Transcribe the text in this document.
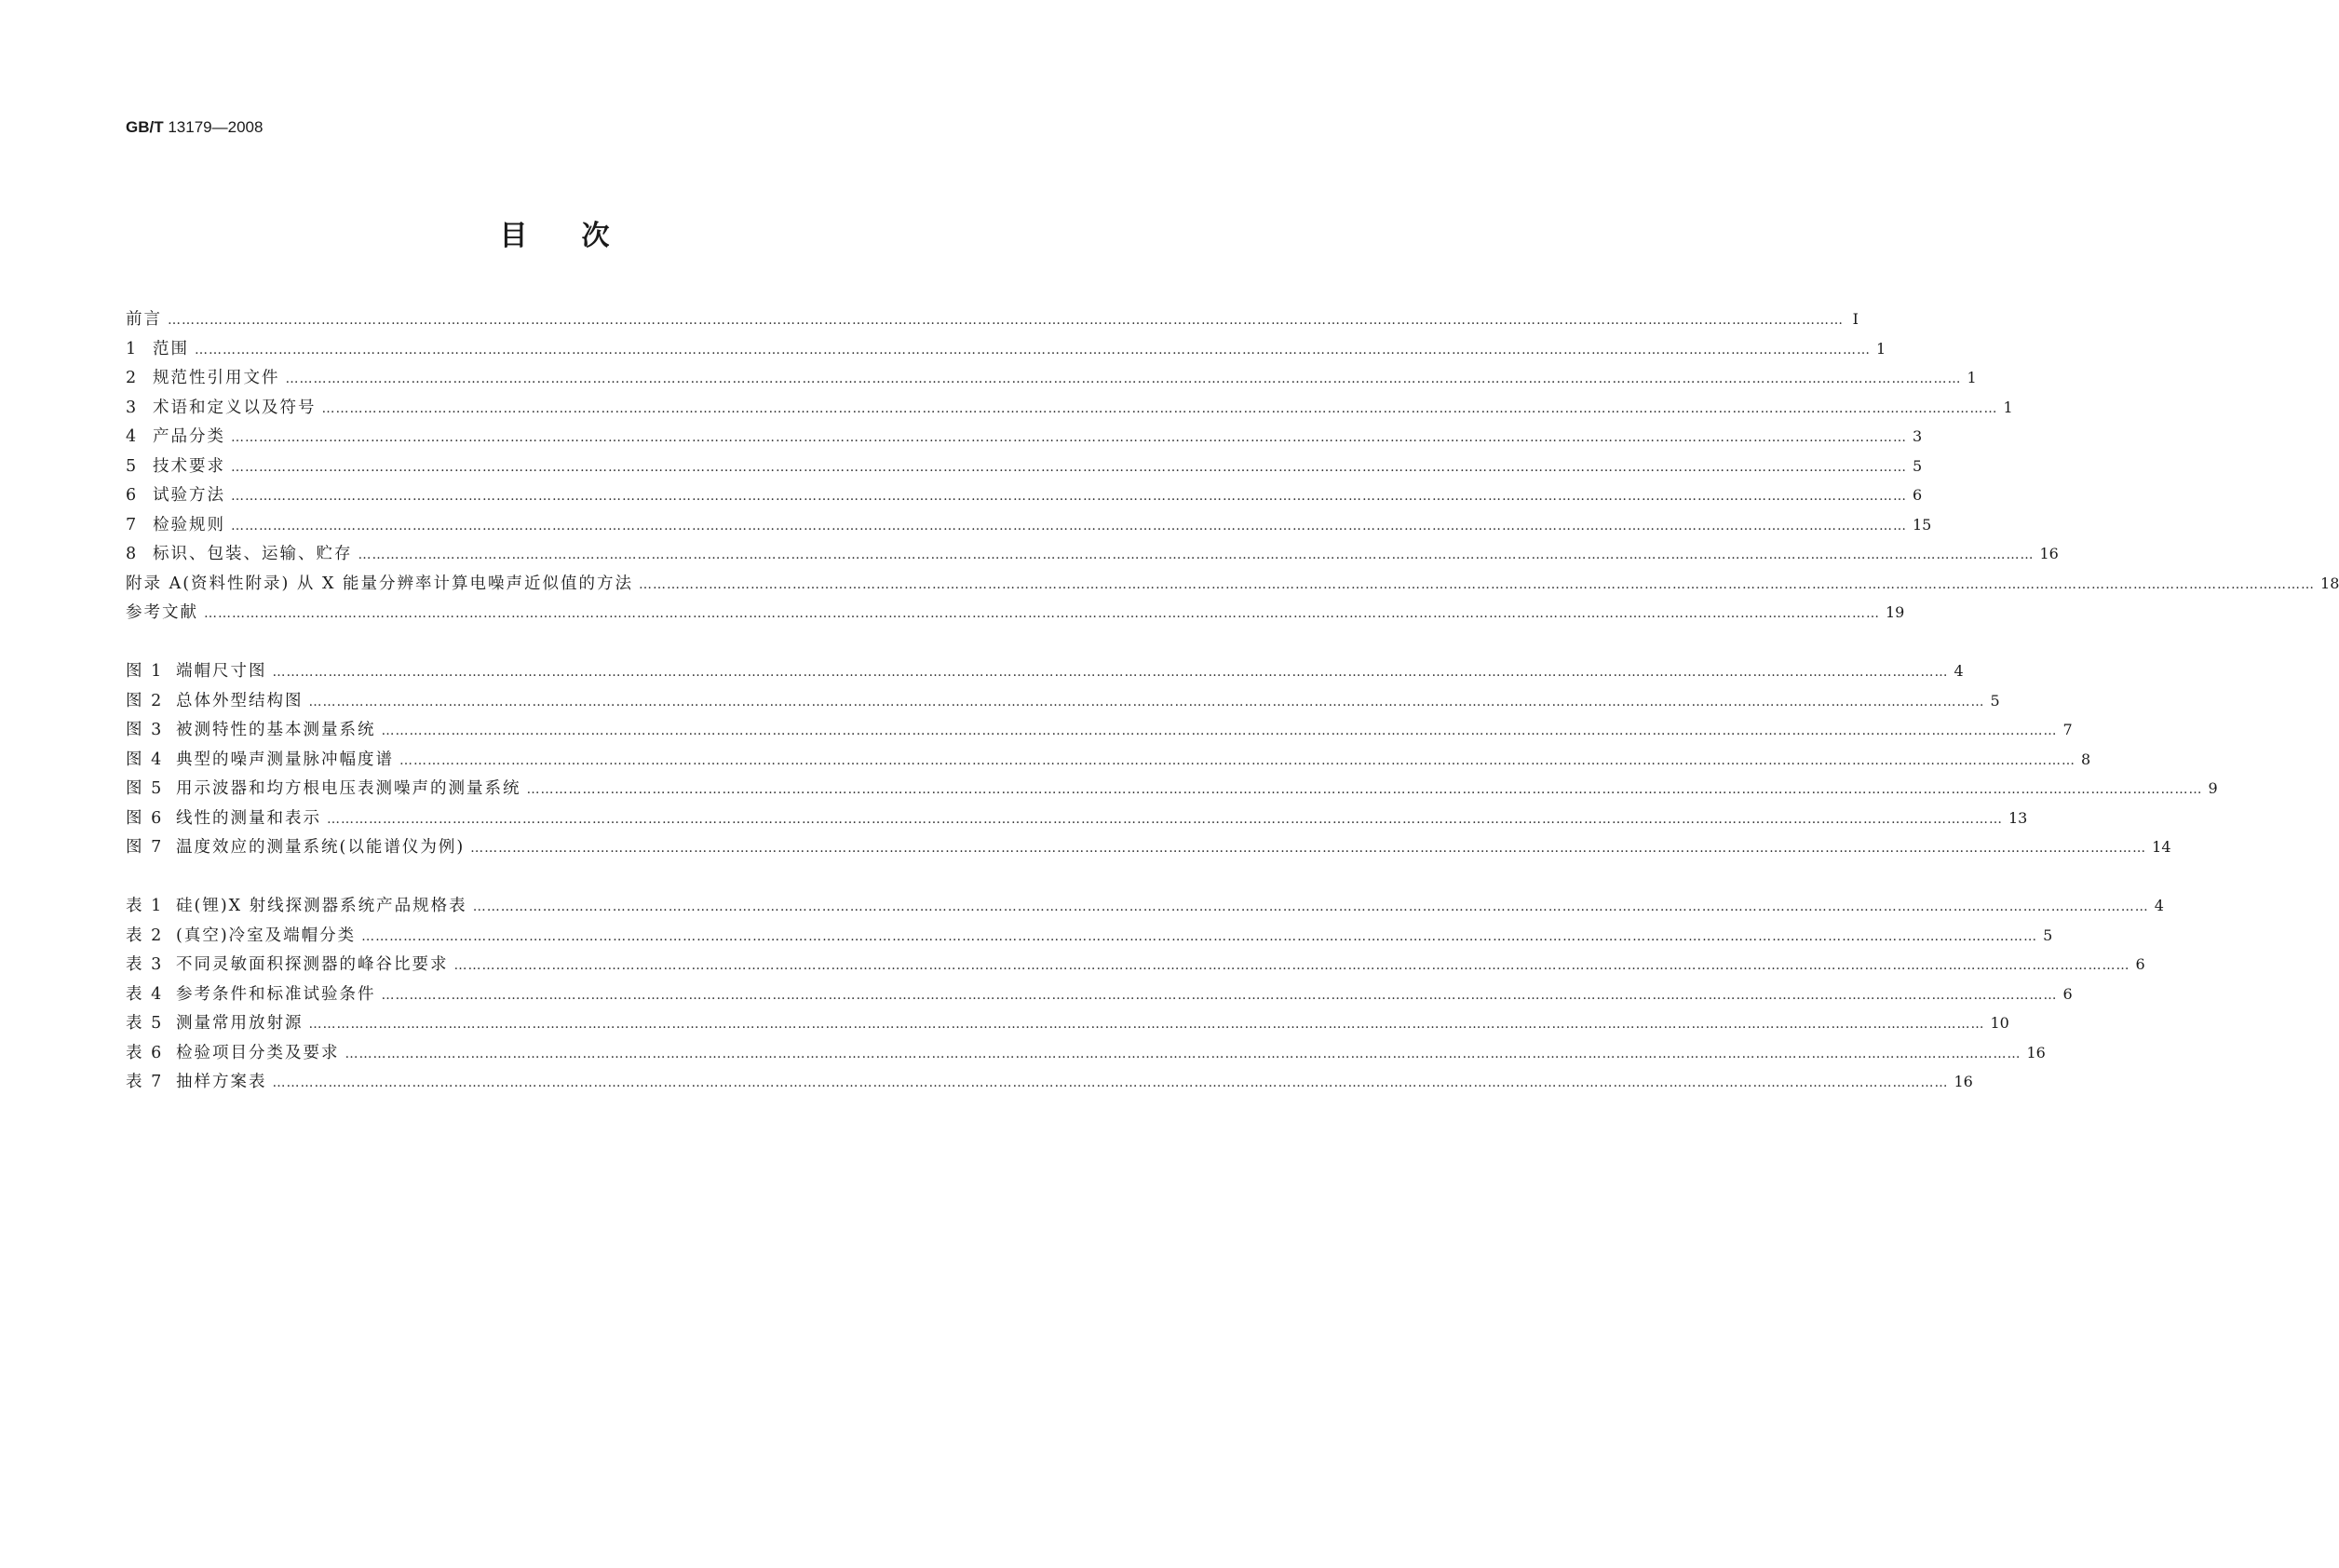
GB/T 13179—2008
目次
前言 ……………………………………………………………………………………………………………………………………………………………………………………………………………………………………………………………………………………………………………………………… Ⅰ
1 范围 ……………………………………………………………………………………………………………………………………………………………………………………………………………………………………………………………………………………………………………………………… 1
2 规范性引用文件 ……………………………………………………………………………………………………………………………………………………………………………………………………………………………………………………………………………………………………………………………… 1
3 术语和定义以及符号 ……………………………………………………………………………………………………………………………………………………………………………………………………………………………………………………………………………………………………………………………… 1
4 产品分类 ……………………………………………………………………………………………………………………………………………………………………………………………………………………………………………………………………………………………………………………………… 3
5 技术要求 ……………………………………………………………………………………………………………………………………………………………………………………………………………………………………………………………………………………………………………………………… 5
6 试验方法 ……………………………………………………………………………………………………………………………………………………………………………………………………………………………………………………………………………………………………………………………… 6
7 检验规则 ……………………………………………………………………………………………………………………………………………………………………………………………………………………………………………………………………………………………………………………………… 15
8 标识、包装、运输、贮存 ……………………………………………………………………………………………………………………………………………………………………………………………………………………………………………………………………………………………………………………………… 16
附录 A(资料性附录) 从 X 能量分辨率计算电噪声近似值的方法 ……………………………………………………………………………………………………………………………………………………………………………………………………………………………………………………………………………………………………………………………… 18
参考文献 ……………………………………………………………………………………………………………………………………………………………………………………………………………………………………………………………………………………………………………………………… 19
图 1 端帽尺寸图 ……………………………………………………………………………………………………………………………………………………………………………………………………………………………………………………………………………………………………………………………… 4
图 2 总体外型结构图 ……………………………………………………………………………………………………………………………………………………………………………………………………………………………………………………………………………………………………………………………… 5
图 3 被测特性的基本测量系统 ……………………………………………………………………………………………………………………………………………………………………………………………………………………………………………………………………………………………………………………………… 7
图 4 典型的噪声测量脉冲幅度谱 ……………………………………………………………………………………………………………………………………………………………………………………………………………………………………………………………………………………………………………………………… 8
图 5 用示波器和均方根电压表测噪声的测量系统 ……………………………………………………………………………………………………………………………………………………………………………………………………………………………………………………………………………………………………………………………… 9
图 6 线性的测量和表示 ……………………………………………………………………………………………………………………………………………………………………………………………………………………………………………………………………………………………………………………………… 13
图 7 温度效应的测量系统(以能谱仪为例) ……………………………………………………………………………………………………………………………………………………………………………………………………………………………………………………………………………………………………………………………… 14
表 1 硅(锂)X 射线探测器系统产品规格表 ……………………………………………………………………………………………………………………………………………………………………………………………………………………………………………………………………………………………………………………………… 4
表 2 (真空)冷室及端帽分类 ……………………………………………………………………………………………………………………………………………………………………………………………………………………………………………………………………………………………………………………………… 5
表 3 不同灵敏面积探测器的峰谷比要求 ……………………………………………………………………………………………………………………………………………………………………………………………………………………………………………………………………………………………………………………………… 6
表 4 参考条件和标准试验条件 ……………………………………………………………………………………………………………………………………………………………………………………………………………………………………………………………………………………………………………………………… 6
表 5 测量常用放射源 ……………………………………………………………………………………………………………………………………………………………………………………………………………………………………………………………………………………………………………………………… 10
表 6 检验项目分类及要求 ……………………………………………………………………………………………………………………………………………………………………………………………………………………………………………………………………………………………………………………………… 16
表 7 抽样方案表 ……………………………………………………………………………………………………………………………………………………………………………………………………………………………………………………………………………………………………………………………… 16
